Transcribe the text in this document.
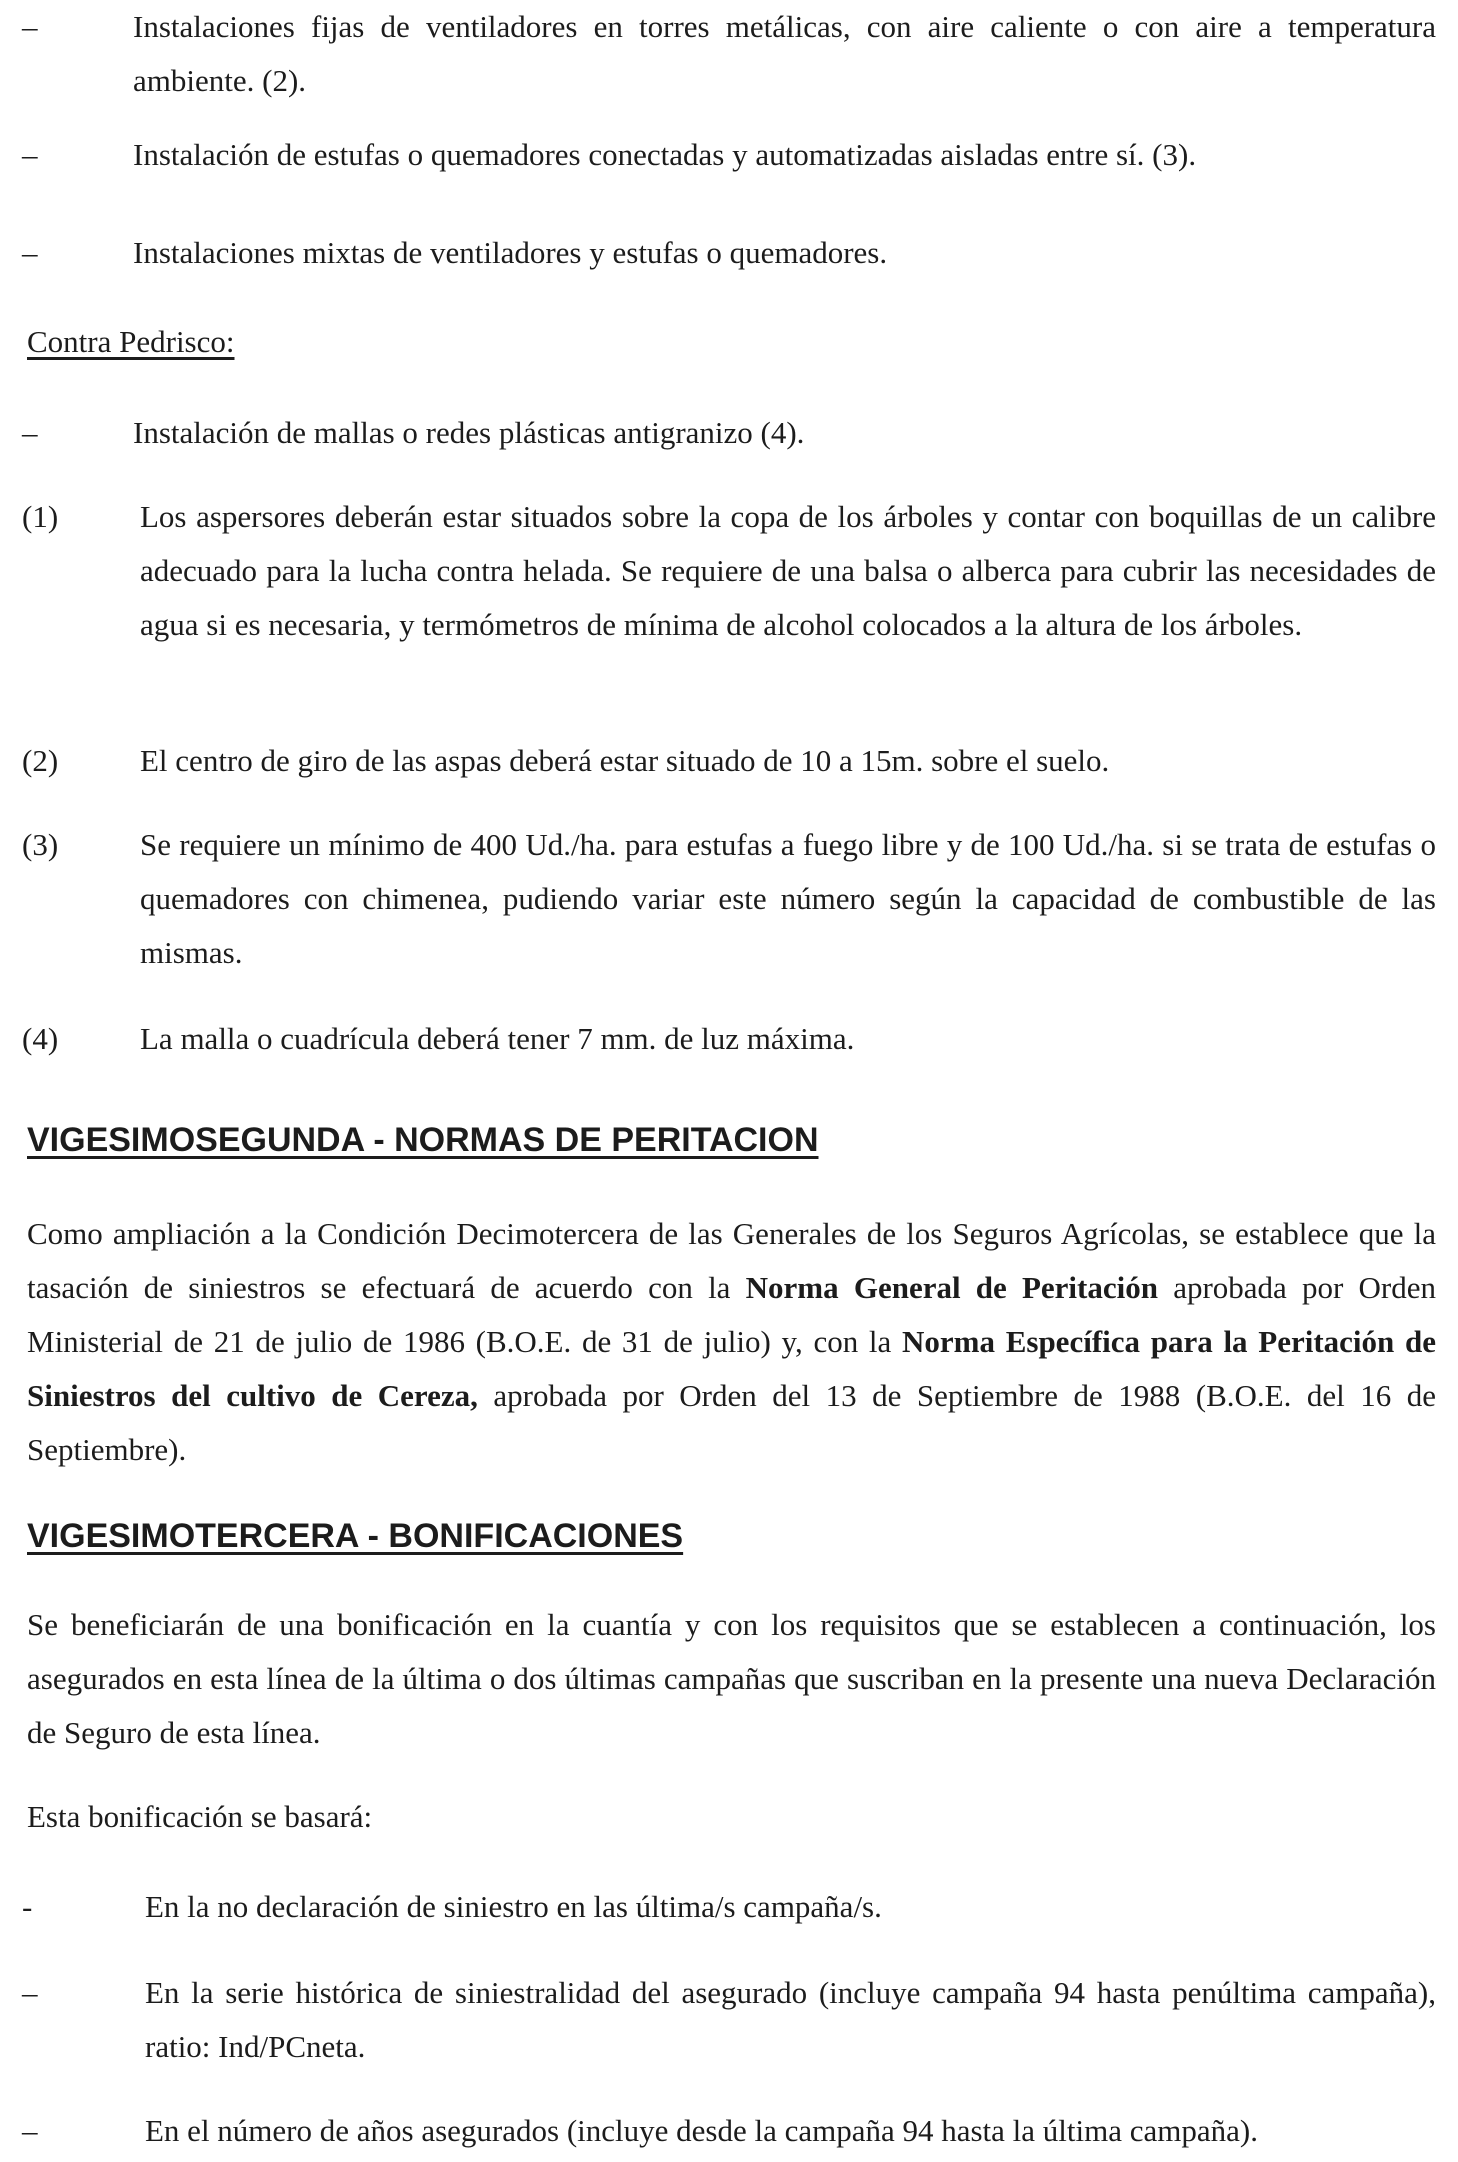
–	Instalaciones fijas de ventiladores en torres metálicas, con aire caliente o con aire a temperatura ambiente. (2).
–	Instalación de estufas o quemadores conectadas y automatizadas aisladas entre sí. (3).
–	Instalaciones mixtas de ventiladores y estufas o quemadores.
Contra Pedrisco:
–	Instalación de mallas o redes plásticas antigranizo (4).
(1)	Los aspersores deberán estar situados sobre la copa de los árboles y contar con boquillas de un calibre adecuado para la lucha contra helada. Se requiere de una balsa o alberca para cubrir las necesidades de agua si es necesaria, y termómetros de mínima de alcohol colocados a la altura de los árboles.
(2)	El centro de giro de las aspas deberá estar situado de 10 a 15m. sobre el suelo.
(3)	Se requiere un mínimo de 400 Ud./ha. para estufas a fuego libre y de 100 Ud./ha. si se trata de estufas o quemadores con chimenea, pudiendo variar este número según la capacidad de combustible de las mismas.
(4)	La malla o cuadrícula deberá tener 7 mm. de luz máxima.
VIGESIMOSEGUNDA - NORMAS DE PERITACION
Como ampliación a la Condición Decimotercera de las Generales de los Seguros Agrícolas, se establece que la tasación de siniestros se efectuará de acuerdo con la Norma General de Peritación aprobada por Orden Ministerial de 21 de julio de 1986 (B.O.E. de 31 de julio) y, con la Norma Específica para la Peritación de Siniestros del cultivo de Cereza, aprobada por Orden del 13 de Septiembre de 1988 (B.O.E. del 16 de Septiembre).
VIGESIMOTERCERA - BONIFICACIONES
Se beneficiarán de una bonificación en la cuantía y con los requisitos que se establecen a continuación, los asegurados en esta línea de la última o dos últimas campañas que suscriban en la presente una nueva Declaración de Seguro de esta línea.
Esta bonificación se basará:
-	En la no declaración de siniestro en las última/s campaña/s.
–	En la serie histórica de siniestralidad del asegurado (incluye campaña 94 hasta penúltima campaña), ratio: Ind/PCneta.
–	En el número de años asegurados (incluye desde la campaña 94 hasta la última campaña).
